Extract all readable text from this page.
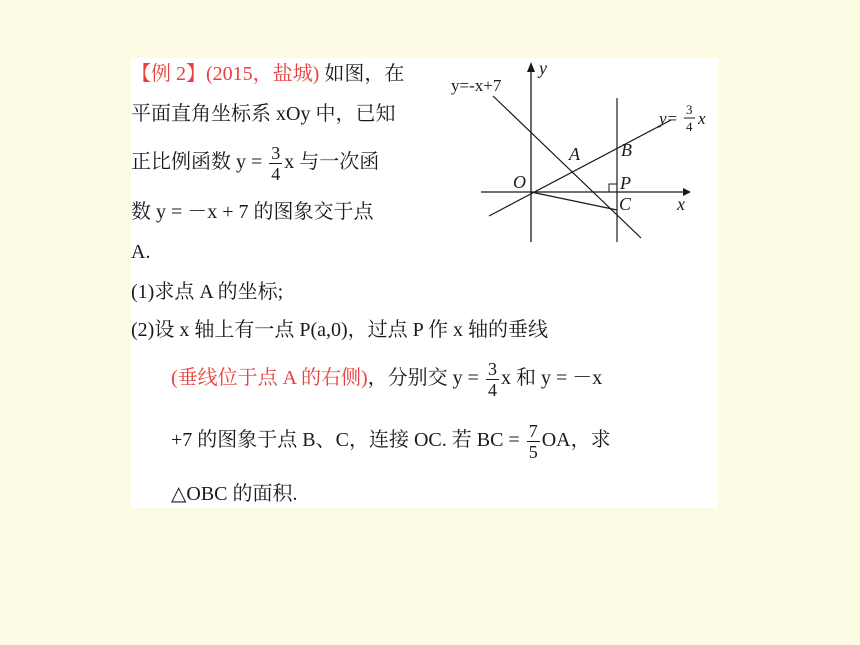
【例 2】(2015，盐城) 如图，在
平面直角坐标系 xOy 中，已知
正比例函数 $y = \frac{3}{4}$ x 与一次函
数 y = －x + 7 的图象交于点
A.
(1)求点 A 的坐标;
(2)设 x 轴上有一点 P(a,0)，过点 P 作 x 轴的垂线
(垂线位于点 A 的右侧)，分别交 $y = \frac{3}{4}$ x 和 y = －x
+7 的图象于点 B、C，连接 OC. 若 BC = $\frac{7}{5}$ OA，求
△OBC 的面积.
y=-x+7
y
y= 3
4 x
B
A
O	P
C	x
